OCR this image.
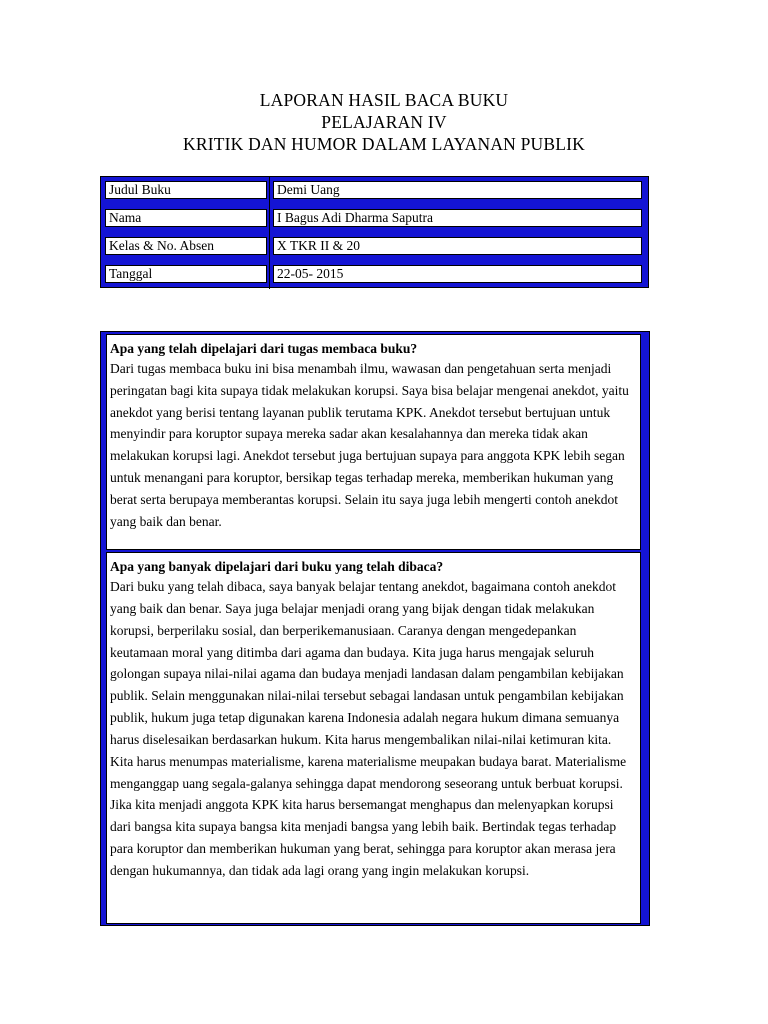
LAPORAN HASIL BACA BUKU
PELAJARAN IV
KRITIK DAN HUMOR DALAM LAYANAN PUBLIK
Judul Buku	Demi Uang
Nama	I Bagus Adi Dharma Saputra
Kelas & No. Absen	X TKR II & 20
Tanggal	22-05- 2015
Apa yang telah dipelajari dari tugas membaca buku?
Dari tugas membaca buku ini bisa menambah ilmu, wawasan dan pengetahuan serta menjadi peringatan bagi kita supaya tidak melakukan korupsi. Saya bisa belajar mengenai anekdot, yaitu anekdot yang berisi tentang layanan publik terutama KPK. Anekdot tersebut bertujuan untuk menyindir para koruptor supaya mereka sadar akan kesalahannya dan mereka tidak akan melakukan korupsi lagi. Anekdot tersebut juga bertujuan supaya para anggota KPK lebih segan untuk menangani para koruptor, bersikap tegas terhadap mereka, memberikan hukuman yang berat serta berupaya memberantas korupsi. Selain itu saya juga lebih mengerti contoh anekdot yang baik dan benar.
Apa yang banyak dipelajari dari buku yang telah dibaca?
Dari buku yang telah dibaca, saya banyak belajar tentang anekdot, bagaimana contoh anekdot yang baik dan benar. Saya juga belajar menjadi orang yang bijak dengan tidak melakukan korupsi, berperilaku sosial, dan berperikemanusiaan. Caranya dengan mengedepankan keutamaan moral yang ditimba dari agama dan budaya. Kita juga harus mengajak seluruh golongan supaya nilai-nilai agama dan budaya menjadi landasan dalam pengambilan kebijakan publik. Selain menggunakan nilai-nilai tersebut sebagai landasan untuk pengambilan kebijakan publik, hukum juga tetap digunakan karena Indonesia adalah negara hukum dimana semuanya harus diselesaikan berdasarkan hukum. Kita harus mengembalikan nilai-nilai ketimuran kita. Kita harus menumpas materialisme, karena materialisme meupakan budaya barat. Materialisme menganggap uang segala-galanya sehingga dapat mendorong seseorang untuk berbuat korupsi. Jika kita menjadi anggota KPK kita harus bersemangat menghapus dan melenyapkan korupsi dari bangsa kita supaya bangsa kita menjadi bangsa yang lebih baik. Bertindak tegas terhadap para koruptor dan memberikan hukuman yang berat, sehingga para koruptor akan merasa jera dengan hukumannya, dan tidak ada lagi orang yang ingin melakukan korupsi.
